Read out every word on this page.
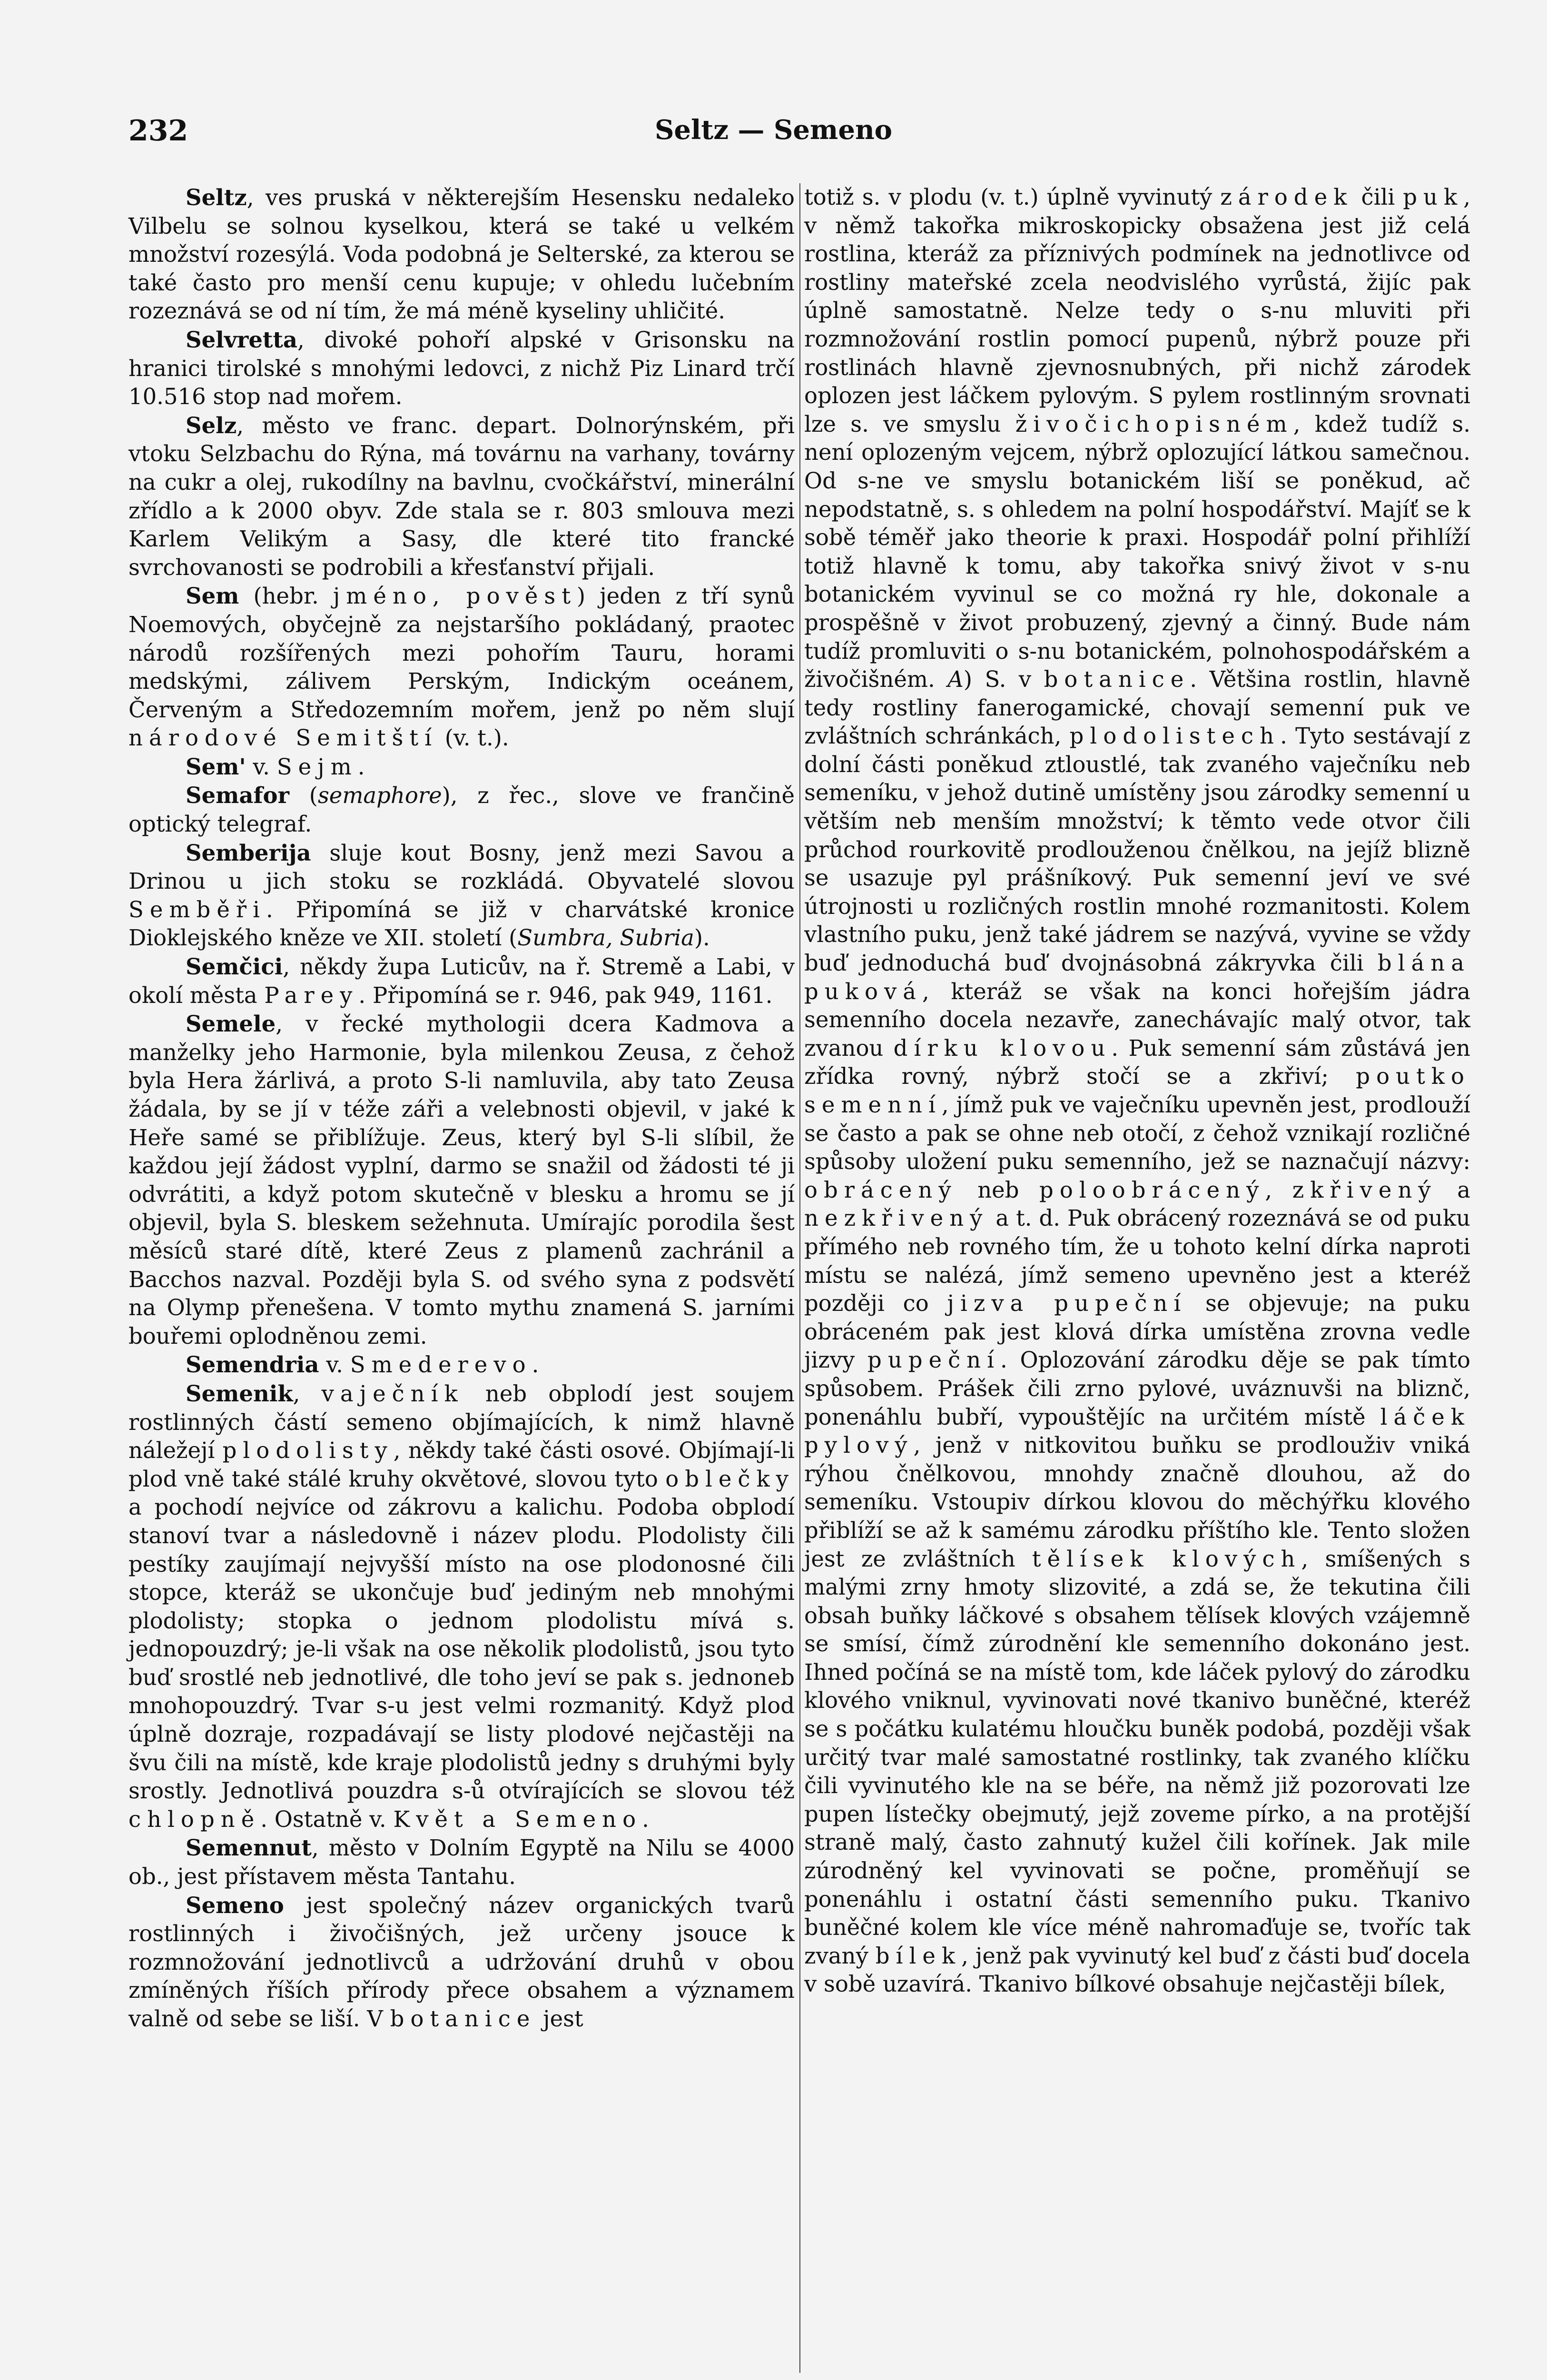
232	Seltz — Semeno

Seltz, ves pruská v některejším Hesensku nedaleko Vilbelu se solnou kyselkou, která se také u velkém množství rozesýlá. Voda podobná je Selterské, za kterou se také často pro menší cenu kupuje; v ohledu lučebním rozeznává se od ní tím, že má méně kyseliny uhličité.

Selvretta, divoké pohoří alpské v Grisonsku na hranici tirolské s mnohými ledovci, z nichž Piz Linard trčí 10.516 stop nad mořem.

Selz, město ve franc. depart. Dolnorýnském, při vtoku Selzbachu do Rýna, má továrnu na varhany, továrny na cukr a olej, rukodílny na bavlnu, cvočkářství, minerální zřídlo a k 2000 obyv. Zde stala se r. 803 smlouva mezi Karlem Velikým a Sasy, dle které tito francké svrchovanosti se podrobili a křesťanství přijali.

Sem (hebr. jméno, pověst) jeden z tří synů Noemových, obyčejně za nejstaršího pokládaný, praotec národů rozšířených mezi pohořím Tauru, horami medskými, zálivem Perským, Indickým oceánem, Červeným a Středozemním mořem, jenž po něm slují národové Semitští (v. t.).

Sem' v. Sejm.

Semafor (semaphore), z řec., slove ve frančině optický telegraf.

Semberija sluje kout Bosny, jenž mezi Savou a Drinou u jich stoku se rozkládá. Obyvatelé slovou Semběři. Připomíná se již v charvátské kronice Dioklejského kněze ve XII. století (Sumbra, Subria).

Semčici, někdy župa Luticův, na ř. Stremě a Labi, v okolí města Parey. Připomíná se r. 946, pak 949, 1161.

Semele, v řecké mythologii dcera Kadmova a manželky jeho Harmonie, byla milenkou Zeusa, z čehož byla Hera žárlivá, a proto S-li namluvila, aby tato Zeusa žádala, by se jí v téže záři a velebnosti objevil, v jaké k Heře samé se přiblížuje. Zeus, který byl S-li slíbil, že každou její žádost vyplní, darmo se snažil od žádosti té ji odvrátiti, a když potom skutečně v blesku a hromu se jí objevil, byla S. bleskem sežehnuta. Umírajíc porodila šest měsíců staré dítě, které Zeus z plamenů zachránil a Bacchos nazval. Později byla S. od svého syna z podsvětí na Olymp přenešena. V tomto mythu znamená S. jarními bouřemi oplodněnou zemi.

Semendria v. Smederevo.

Semenik, vaječník neb obplodí jest soujem rostlinných částí semeno objímajících, k nimž hlavně náležejí plodolisty, někdy také části osové. Objímají-li plod vně také stálé kruhy okvětové, slovou tyto oblečky a pochodí nejvíce od zákrovu a kalichu. Podoba obplodí stanoví tvar a následovně i název plodu. Plodolisty čili pestíky zaujímají nejvyšší místo na ose plodonosné čili stopce, kteráž se ukončuje buď jediným neb mnohými plodolisty; stopka o jednom plodolistu mívá s. jednopouzdrý; je-li však na ose několik plodolistů, jsou tyto buď srostlé neb jednotlivé, dle toho jeví se pak s. jednoneb mnohopouzdrý. Tvar s-u jest velmi rozmanitý. Když plod úplně dozraje, rozpadávají se listy plodové nejčastěji na švu čili na místě, kde kraje plodolistů jedny s druhými byly srostly. Jednotlivá pouzdra s-ů otvírajících se slovou též chlopně. Ostatně v. Květ a Semeno.

Semennut, město v Dolním Egyptě na Nilu se 4000 ob., jest přístavem města Tantahu.

Semeno jest společný název organických tvarů rostlinných i živočišných, jež určeny jsouce k rozmnožování jednotlivců a udržování druhů v obou zmíněných říších přírody přece obsahem a významem valně od sebe se liší. V botanice jest

totiž s. v plodu (v. t.) úplně vyvinutý zárodek čili puk, v němž takořka mikroskopicky obsažena jest již celá rostlina, kteráž za příznivých podmínek na jednotlivce od rostliny mateřské zcela neodvislého vyrůstá, žijíc pak úplně samostatně. Nelze tedy o s-nu mluviti při rozmnožování rostlin pomocí pupenů, nýbrž pouze při rostlinách hlavně zjevnosnubných, při nichž zárodek oplozen jest láčkem pylovým. S pylem rostlinným srovnati lze s. ve smyslu živočichopisném, kdež tudíž s. není oplozeným vejcem, nýbrž oplozující látkou samečnou. Od s-ne ve smyslu botanickém liší se poněkud, ač nepodstatně, s. s ohledem na polní hospodářství. Majíť se k sobě téměř jako theorie k praxi. Hospodář polní přihlíží totiž hlavně k tomu, aby takořka snivý život v s-nu botanickém vyvinul se co možná ry hle, dokonale a prospěšně v život probuzený, zjevný a činný. Bude nám tudíž promluviti o s-nu botanickém, polnohospodářském a živočišném. A) S. v botanice. Většina rostlin, hlavně tedy rostliny fanerogamické, chovají semenní puk ve zvláštních schránkách, plodolistech. Tyto sestávají z dolní části poněkud ztloustlé, tak zvaného vaječníku neb semeníku, v jehož dutině umístěny jsou zárodky semenní u větším neb menším množství; k těmto vede otvor čili průchod rourkovitě prodlouženou čnělkou, na jejíž blizně se usazuje pyl prášníkový. Puk semenní jeví ve své útrojnosti u rozličných rostlin mnohé rozmanitosti. Kolem vlastního puku, jenž také jádrem se nazývá, vyvine se vždy buď jednoduchá buď dvojnásobná zákryvka čili blána puková, kteráž se však na konci hořejším jádra semenního docela nezavře, zanechávajíc malý otvor, tak zvanou dírku klovou. Puk semenní sám zůstává jen zřídka rovný, nýbrž stočí se a zkřiví; poutko semenní, jímž puk ve vaječníku upevněn jest, prodlouží se často a pak se ohne neb otočí, z čehož vznikají rozličné spůsoby uložení puku semenního, jež se naznačují názvy: obrácený neb poloobrácený, zkřivený a nezkřivený a t. d. Puk obrácený rozeznává se od puku přímého neb rovného tím, že u tohoto kelní dírka naproti místu se nalézá, jímž semeno upevněno jest a kteréž později co jizva pupeční se objevuje; na puku obráceném pak jest klová dírka umístěna zrovna vedle jizvy pupeční. Oplozování zárodku děje se pak tímto spůsobem. Prášek čili zrno pylové, uváznuvši na bliznč, ponenáhlu bubří, vypouštějíc na určitém místě láček pylový, jenž v nitkovitou buňku se prodlouživ vniká rýhou čnělkovou, mnohdy značně dlouhou, až do semeníku. Vstoupiv dírkou klovou do měchýřku klového přiblíží se až k samému zárodku příštího kle. Tento složen jest ze zvláštních tělísek klových, smíšených s malými zrny hmoty slizovité, a zdá se, že tekutina čili obsah buňky láčkové s obsahem tělísek klových vzájemně se smísí, čímž zúrodnění kle semenního dokonáno jest. Ihned počíná se na místě tom, kde láček pylový do zárodku klového vniknul, vyvinovati nové tkanivo buněčné, kteréž se s počátku kulatému hloučku buněk podobá, později však určitý tvar malé samostatné rostlinky, tak zvaného klíčku čili vyvinutého kle na se béře, na němž již pozorovati lze pupen lístečky obejmutý, jejž zoveme pírko, a na protější straně malý, často zahnutý kužel čili kořínek. Jak mile zúrodněný kel vyvinovati se počne, proměňují se ponenáhlu i ostatní části semenního puku. Tkanivo buněčné kolem kle více méně nahromaďuje se, tvoříc tak zvaný bílek, jenž pak vyvinutý kel buď z části buď docela v sobě uzavírá. Tkanivo bílkové obsahuje nejčastěji bílek,
